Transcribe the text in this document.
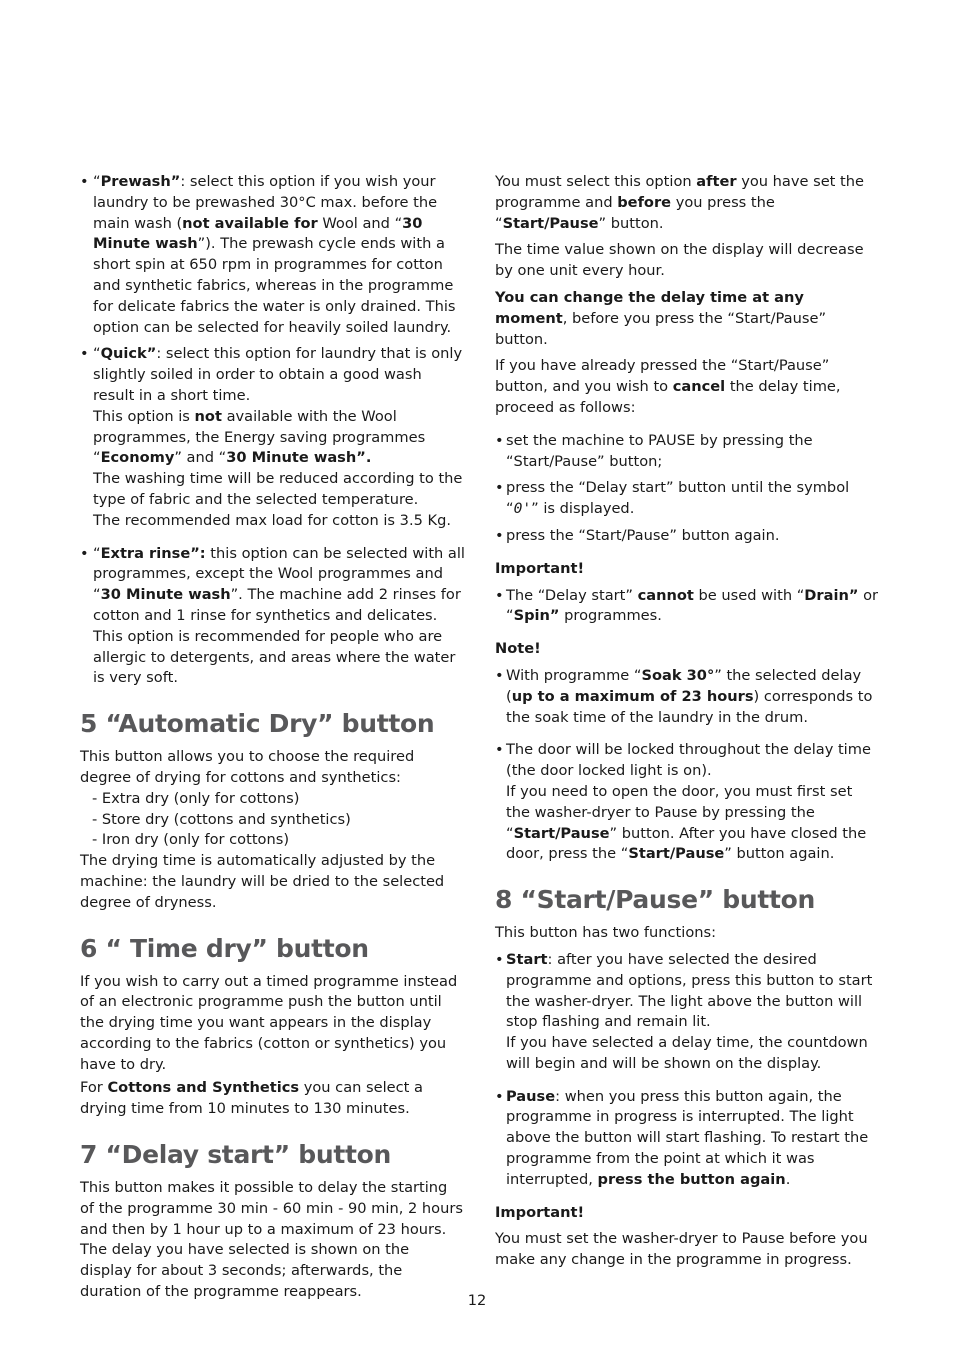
• “Prewash”: select this option if you wish your laundry to be prewashed 30°C max. before the main wash (not available for Wool and “30 Minute wash”). The prewash cycle ends with a short spin at 650 rpm in programmes for cotton and synthetic fabrics, whereas in the programme for delicate fabrics the water is only drained. This option can be selected for heavily soiled laundry.

• “Quick”: select this option for laundry that is only slightly soiled in order to obtain a good wash result in a short time.

This option is not available with the Wool programmes, the Energy saving programmes “Economy” and “30 Minute wash”.

The washing time will be reduced according to the type of fabric and the selected temperature.

The recommended max load for cotton is 3.5 Kg.

• “Extra rinse”: this option can be selected with all programmes, except the Wool programmes and “30 Minute wash”. The machine add 2 rinses for cotton and 1 rinse for synthetics and delicates.

This option is recommended for people who are allergic to detergents, and areas where the water is very soft.

5 “Automatic Dry” button

This button allows you to choose the required degree of drying for cottons and synthetics:

- Extra dry (only for cottons)

- Store dry (cottons and synthetics)

- Iron dry (only for cottons)

The drying time is automatically adjusted by the machine: the laundry will be dried to the selected degree of dryness.

6 “ Time dry” button

If you wish to carry out a timed programme instead of an electronic programme push the button until the drying time you want appears in the display according to the fabrics (cotton or synthetics) you have to dry.

For Cottons and Synthetics you can select a drying time from 10 minutes to 130 minutes.

7 “Delay start” button

This button makes it possible to delay the starting of the programme 30 min - 60 min - 90 min, 2 hours and then by 1 hour up to a maximum of 23 hours.

The delay you have selected is shown on the display for about 3 seconds; afterwards, the duration of the programme reappears.

You must select this option after you have set the programme and before you press the “Start/Pause” button.

The time value shown on the display will decrease by one unit every hour.

You can change the delay time at any moment, before you press the “Start/Pause” button.

If you have already pressed the “Start/Pause” button, and you wish to cancel the delay time, proceed as follows:

• set the machine to PAUSE by pressing the “Start/Pause” button;

• press the “Delay start” button until the symbol “0'” is displayed.

• press the “Start/Pause” button again.

Important!

• The “Delay start” cannot be used with “Drain” or “Spin” programmes.

Note!

• With programme “Soak 30°” the selected delay (up to a maximum of 23 hours) corresponds to the soak time of the laundry in the drum.

• The door will be locked throughout the delay time (the door locked light is on).

If you need to open the door, you must first set the washer-dryer to Pause by pressing the “Start/Pause” button. After you have closed the door, press the “Start/Pause” button again.

8 “Start/Pause” button

This button has two functions:

• Start: after you have selected the desired programme and options, press this button to start the washer-dryer. The light above the button will stop flashing and remain lit.

If you have selected a delay time, the countdown will begin and will be shown on the display.

• Pause: when you press this button again, the programme in progress is interrupted. The light above the button will start flashing. To restart the programme from the point at which it was interrupted, press the button again.

Important!

You must set the washer-dryer to Pause before you make any change in the programme in progress.

12
